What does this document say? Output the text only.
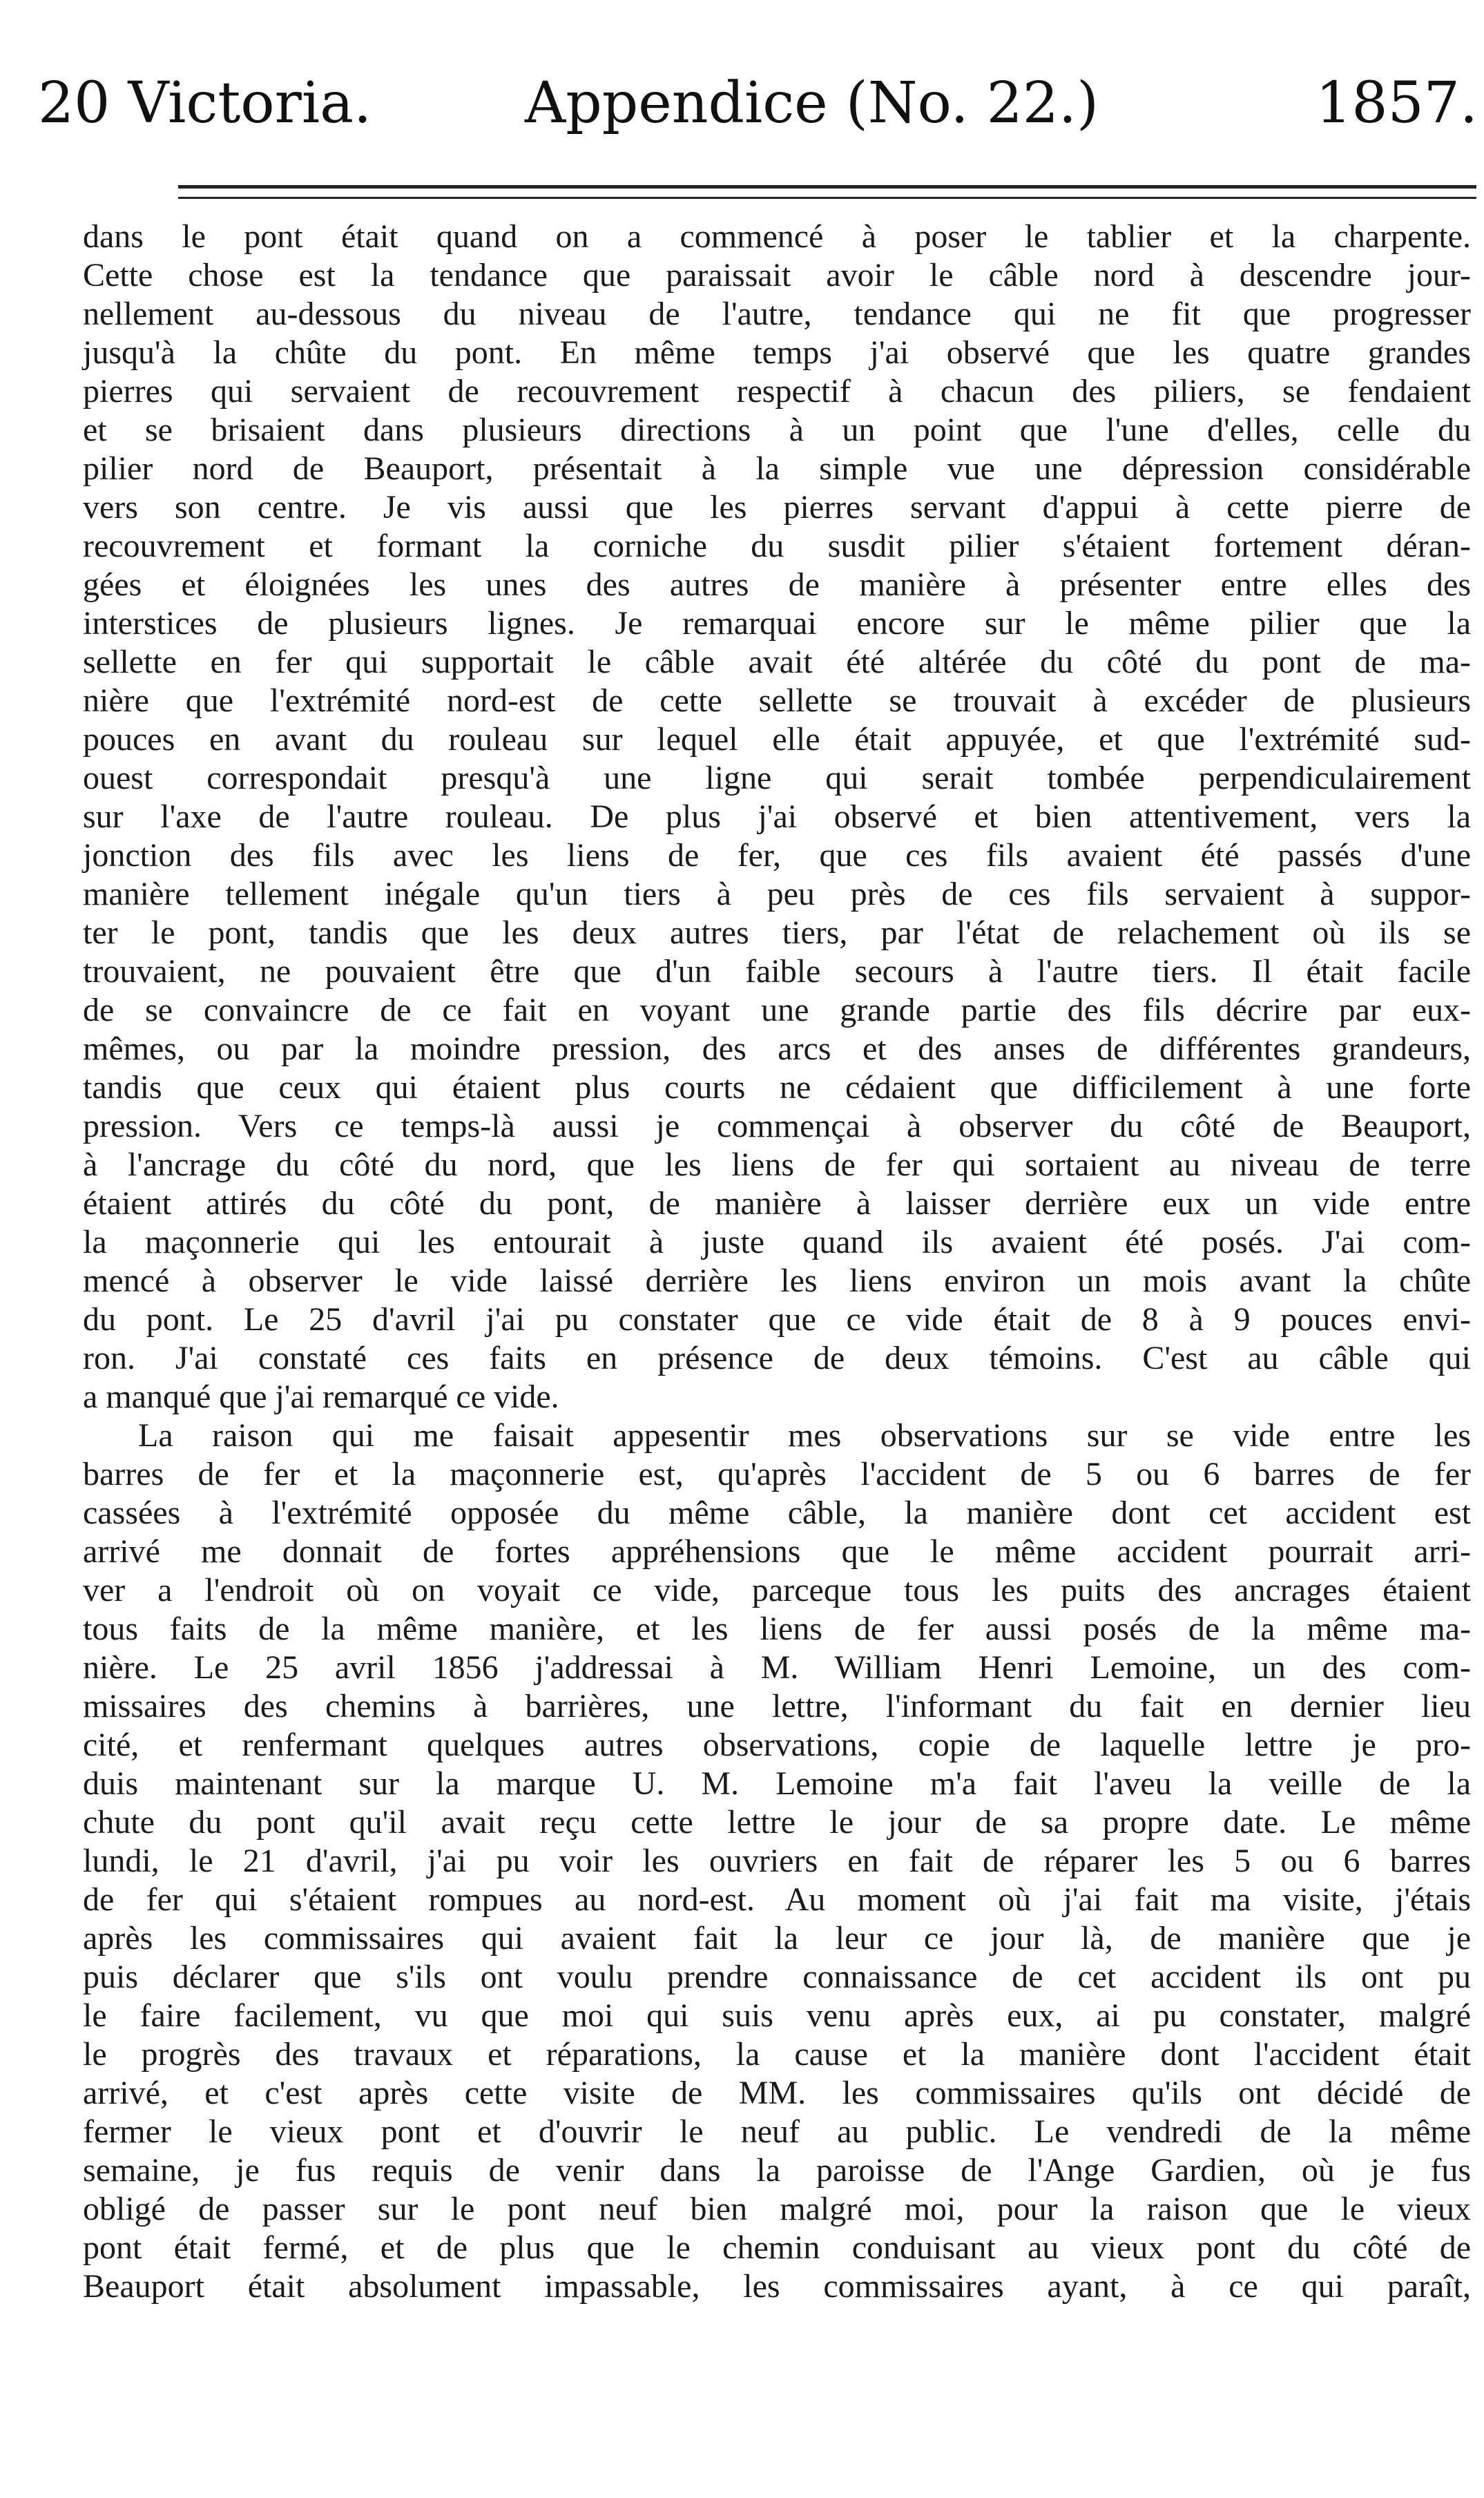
20 Victoria.	Appendice (No. 22.)	1857.
dans le pont était quand on a commencé à poser le tablier et la charpente.
Cette chose est la tendance que paraissait avoir le câble nord à descendre jour-
nellement au-dessous du niveau de l'autre, tendance qui ne fit que progresser
jusqu'à la chûte du pont. En même temps j'ai observé que les quatre grandes
pierres qui servaient de recouvrement respectif à chacun des piliers, se fendaient
et se brisaient dans plusieurs directions à un point que l'une d'elles, celle du
pilier nord de Beauport, présentait à la simple vue une dépression considérable
vers son centre. Je vis aussi que les pierres servant d'appui à cette pierre de
recouvrement et formant la corniche du susdit pilier s'étaient fortement déran-
gées et éloignées les unes des autres de manière à présenter entre elles des
interstices de plusieurs lignes. Je remarquai encore sur le même pilier que la
sellette en fer qui supportait le câble avait été altérée du côté du pont de ma-
nière que l'extrémité nord-est de cette sellette se trouvait à excéder de plusieurs
pouces en avant du rouleau sur lequel elle était appuyée, et que l'extrémité sud-
ouest correspondait presqu'à une ligne qui serait tombée perpendiculairement
sur l'axe de l'autre rouleau. De plus j'ai observé et bien attentivement, vers la
jonction des fils avec les liens de fer, que ces fils avaient été passés d'une
manière tellement inégale qu'un tiers à peu près de ces fils servaient à suppor-
ter le pont, tandis que les deux autres tiers, par l'état de relachement où ils se
trouvaient, ne pouvaient être que d'un faible secours à l'autre tiers. Il était facile
de se convaincre de ce fait en voyant une grande partie des fils décrire par eux-
mêmes, ou par la moindre pression, des arcs et des anses de différentes grandeurs,
tandis que ceux qui étaient plus courts ne cédaient que difficilement à une forte
pression. Vers ce temps-là aussi je commençai à observer du côté de Beauport,
à l'ancrage du côté du nord, que les liens de fer qui sortaient au niveau de terre
étaient attirés du côté du pont, de manière à laisser derrière eux un vide entre
la maçonnerie qui les entourait à juste quand ils avaient été posés. J'ai com-
mencé à observer le vide laissé derrière les liens environ un mois avant la chûte
du pont. Le 25 d'avril j'ai pu constater que ce vide était de 8 à 9 pouces envi-
ron. J'ai constaté ces faits en présence de deux témoins. C'est au câble qui
a manqué que j'ai remarqué ce vide.
La raison qui me faisait appesentir mes observations sur se vide entre les
barres de fer et la maçonnerie est, qu'après l'accident de 5 ou 6 barres de fer
cassées à l'extrémité opposée du même câble, la manière dont cet accident est
arrivé me donnait de fortes appréhensions que le même accident pourrait arri-
ver a l'endroit où on voyait ce vide, parceque tous les puits des ancrages étaient
tous faits de la même manière, et les liens de fer aussi posés de la même ma-
nière. Le 25 avril 1856 j'addressai à M. William Henri Lemoine, un des com-
missaires des chemins à barrières, une lettre, l'informant du fait en dernier lieu
cité, et renfermant quelques autres observations, copie de laquelle lettre je pro-
duis maintenant sur la marque U. M. Lemoine m'a fait l'aveu la veille de la
chute du pont qu'il avait reçu cette lettre le jour de sa propre date. Le même
lundi, le 21 d'avril, j'ai pu voir les ouvriers en fait de réparer les 5 ou 6 barres
de fer qui s'étaient rompues au nord-est. Au moment où j'ai fait ma visite, j'étais
après les commissaires qui avaient fait la leur ce jour là, de manière que je
puis déclarer que s'ils ont voulu prendre connaissance de cet accident ils ont pu
le faire facilement, vu que moi qui suis venu après eux, ai pu constater, malgré
le progrès des travaux et réparations, la cause et la manière dont l'accident était
arrivé, et c'est après cette visite de MM. les commissaires qu'ils ont décidé de
fermer le vieux pont et d'ouvrir le neuf au public. Le vendredi de la même
semaine, je fus requis de venir dans la paroisse de l'Ange Gardien, où je fus
obligé de passer sur le pont neuf bien malgré moi, pour la raison que le vieux
pont était fermé, et de plus que le chemin conduisant au vieux pont du côté de
Beauport était absolument impassable, les commissaires ayant, à ce qui paraît,
